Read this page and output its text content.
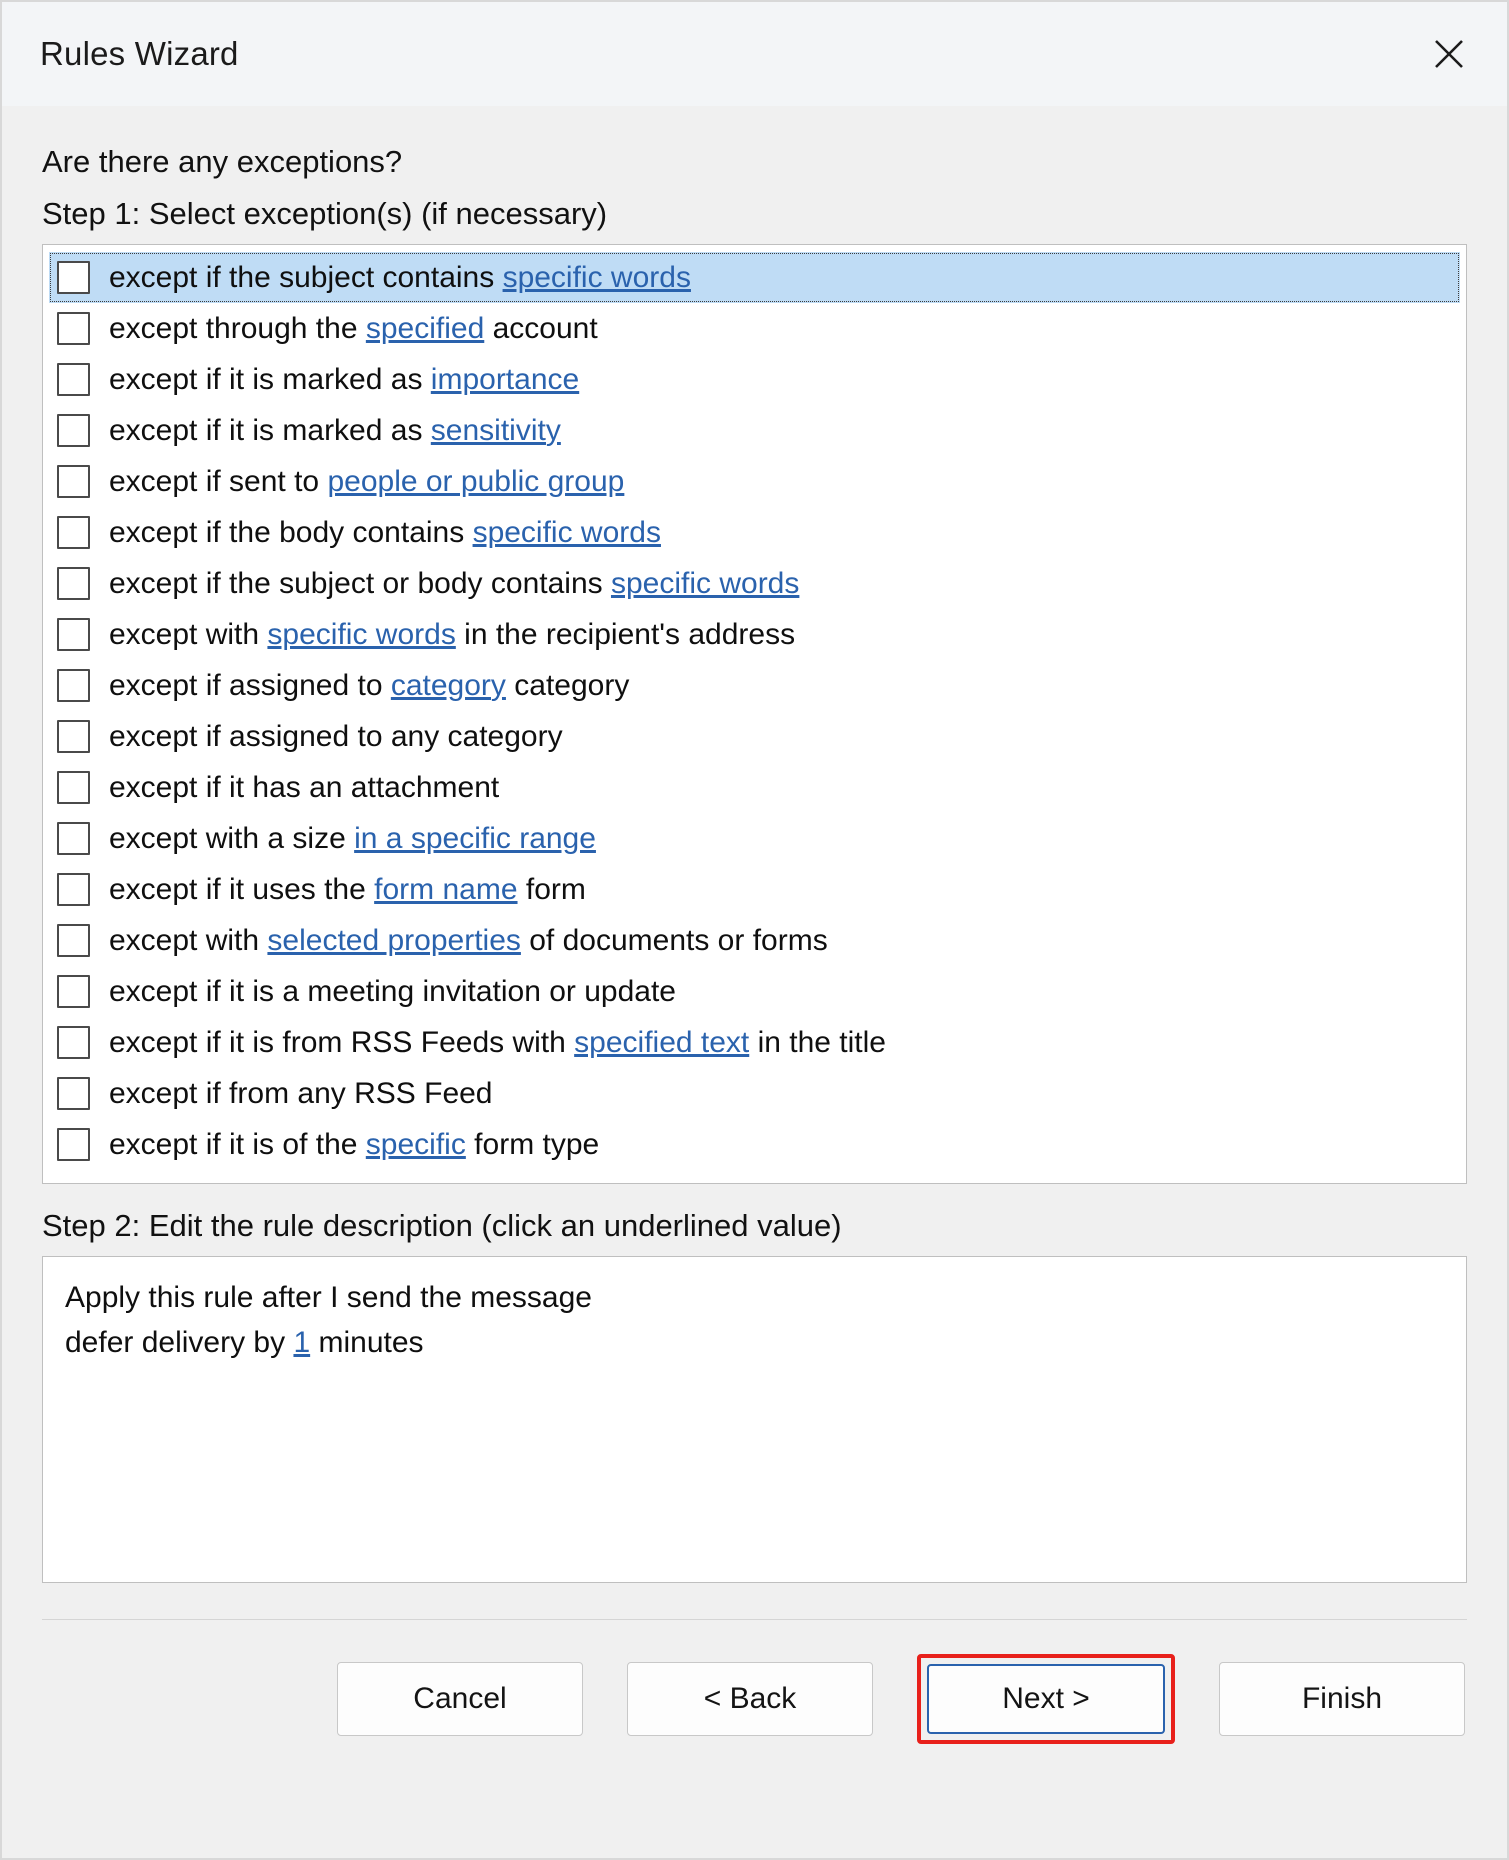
Rules Wizard
Are there any exceptions?
Step 1: Select exception(s) (if necessary)
except if the subject contains specific words
except through the specified account
except if it is marked as importance
except if it is marked as sensitivity
except if sent to people or public group
except if the body contains specific words
except if the subject or body contains specific words
except with specific words in the recipient's address
except if assigned to category category
except if assigned to any category
except if it has an attachment
except with a size in a specific range
except if it uses the form name form
except with selected properties of documents or forms
except if it is a meeting invitation or update
except if it is from RSS Feeds with specified text in the title
except if from any RSS Feed
except if it is of the specific form type
Step 2: Edit the rule description (click an underlined value)
Apply this rule after I send the message
defer delivery by 1 minutes
Cancel	< Back	Next >	Finish
